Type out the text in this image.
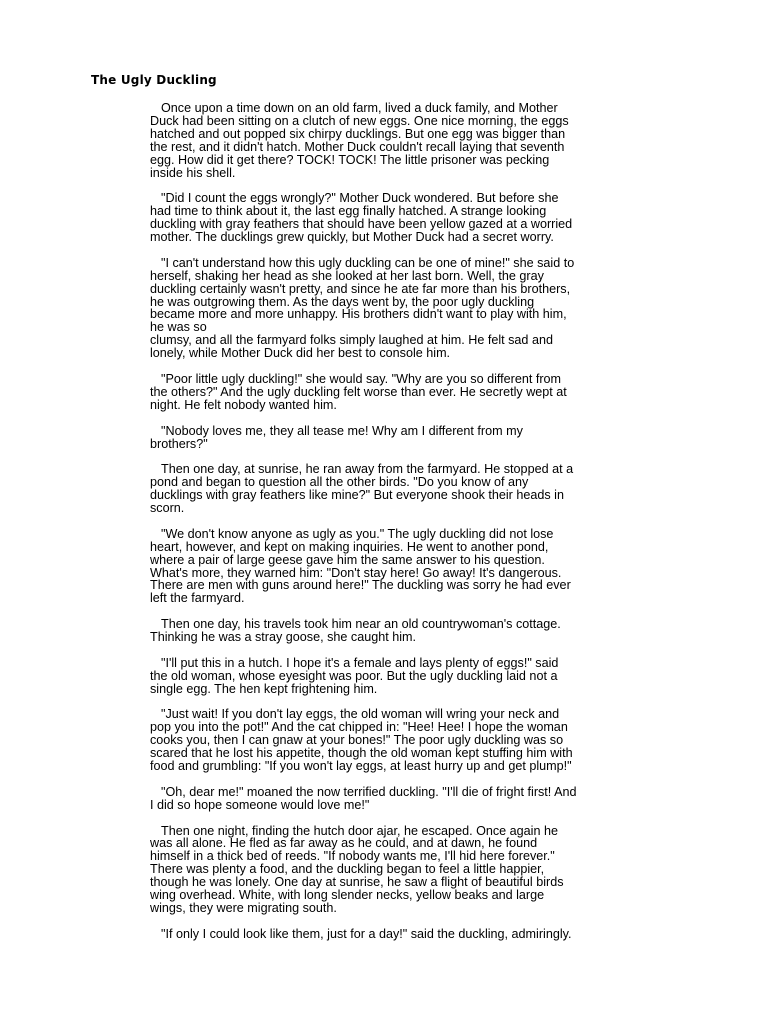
The Ugly Duckling

Once upon a time down on an old farm, lived a duck family, and Mother
Duck had been sitting on a clutch of new eggs. One nice morning, the eggs
hatched and out popped six chirpy ducklings. But one egg was bigger than
the rest, and it didn't hatch. Mother Duck couldn't recall laying that seventh
egg. How did it get there? TOCK! TOCK! The little prisoner was pecking
inside his shell.

"Did I count the eggs wrongly?" Mother Duck wondered. But before she
had time to think about it, the last egg finally hatched. A strange looking
duckling with gray feathers that should have been yellow gazed at a worried
mother. The ducklings grew quickly, but Mother Duck had a secret worry.

"I can't understand how this ugly duckling can be one of mine!" she said to
herself, shaking her head as she looked at her last born. Well, the gray
duckling certainly wasn't pretty, and since he ate far more than his brothers,
he was outgrowing them. As the days went by, the poor ugly duckling
became more and more unhappy. His brothers didn't want to play with him,
he was so
clumsy, and all the farmyard folks simply laughed at him. He felt sad and
lonely, while Mother Duck did her best to console him.

"Poor little ugly duckling!" she would say. "Why are you so different from
the others?" And the ugly duckling felt worse than ever. He secretly wept at
night. He felt nobody wanted him.

"Nobody loves me, they all tease me! Why am I different from my
brothers?"

Then one day, at sunrise, he ran away from the farmyard. He stopped at a
pond and began to question all the other birds. "Do you know of any
ducklings with gray feathers like mine?" But everyone shook their heads in
scorn.

"We don't know anyone as ugly as you." The ugly duckling did not lose
heart, however, and kept on making inquiries. He went to another pond,
where a pair of large geese gave him the same answer to his question.
What's more, they warned him: "Don't stay here! Go away! It's dangerous.
There are men with guns around here!" The duckling was sorry he had ever
left the farmyard.

Then one day, his travels took him near an old countrywoman's cottage.
Thinking he was a stray goose, she caught him.

"I'll put this in a hutch. I hope it's a female and lays plenty of eggs!" said
the old woman, whose eyesight was poor. But the ugly duckling laid not a
single egg. The hen kept frightening him.

"Just wait! If you don't lay eggs, the old woman will wring your neck and
pop you into the pot!" And the cat chipped in: "Hee! Hee! I hope the woman
cooks you, then I can gnaw at your bones!" The poor ugly duckling was so
scared that he lost his appetite, though the old woman kept stuffing him with
food and grumbling: "If you won't lay eggs, at least hurry up and get plump!"

"Oh, dear me!" moaned the now terrified duckling. "I'll die of fright first! And
I did so hope someone would love me!"

Then one night, finding the hutch door ajar, he escaped. Once again he
was all alone. He fled as far away as he could, and at dawn, he found
himself in a thick bed of reeds. "If nobody wants me, I'll hid here forever."
There was plenty a food, and the duckling began to feel a little happier,
though he was lonely. One day at sunrise, he saw a flight of beautiful birds
wing overhead. White, with long slender necks, yellow beaks and large
wings, they were migrating south.

"If only I could look like them, just for a day!" said the duckling, admiringly.
